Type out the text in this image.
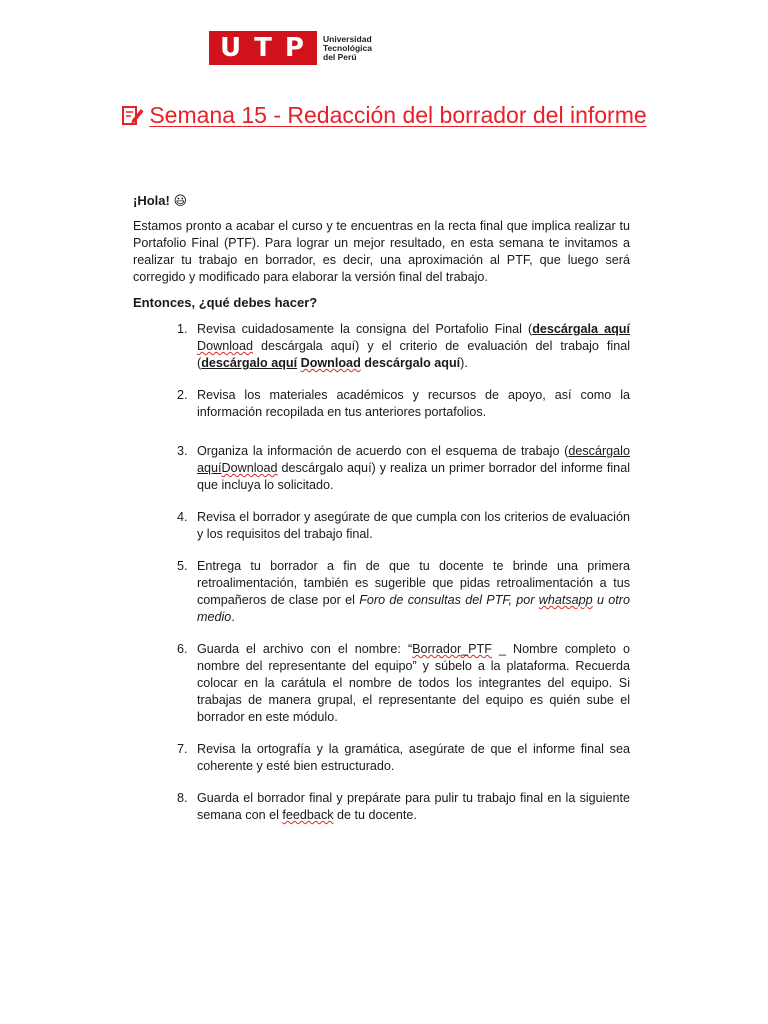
U T P Universidad
Tecnológica
del Perú
Semana 15 - Redacción del borrador del informe

¡Hola! 😃

Estamos pronto a acabar el curso y te encuentras en la recta final que implica realizar tu Portafolio Final (PTF). Para lograr un mejor resultado, en esta semana te invitamos a realizar tu trabajo en borrador, es decir, una aproximación al PTF, que luego será corregido y modificado para elaborar la versión final del trabajo.

Entonces, ¿qué debes hacer?

1. Revisa cuidadosamente la consigna del Portafolio Final (descárgala aquí Download descárgala aquí) y el criterio de evaluación del trabajo final (descárgalo aquí Download descárgalo aquí).
2. Revisa los materiales académicos y recursos de apoyo, así como la información recopilada en tus anteriores portafolios.
3. Organiza la información de acuerdo con el esquema de trabajo (descárgalo aquíDownload descárgalo aquí) y realiza un primer borrador del informe final que incluya lo solicitado.
4. Revisa el borrador y asegúrate de que cumpla con los criterios de evaluación y los requisitos del trabajo final.
5. Entrega tu borrador a fin de que tu docente te brinde una primera retroalimentación, también es sugerible que pidas retroalimentación a tus compañeros de clase por el Foro de consultas del PTF, por whatsapp u otro medio.
6. Guarda el archivo con el nombre: “Borrador_PTF _ Nombre completo o nombre del representante del equipo” y súbelo a la plataforma. Recuerda colocar en la carátula el nombre de todos los integrantes del equipo. Si trabajas de manera grupal, el representante del equipo es quién sube el borrador en este módulo.
7. Revisa la ortografía y la gramática, asegúrate de que el informe final sea coherente y esté bien estructurado.
8. Guarda el borrador final y prepárate para pulir tu trabajo final en la siguiente semana con el feedback de tu docente.
